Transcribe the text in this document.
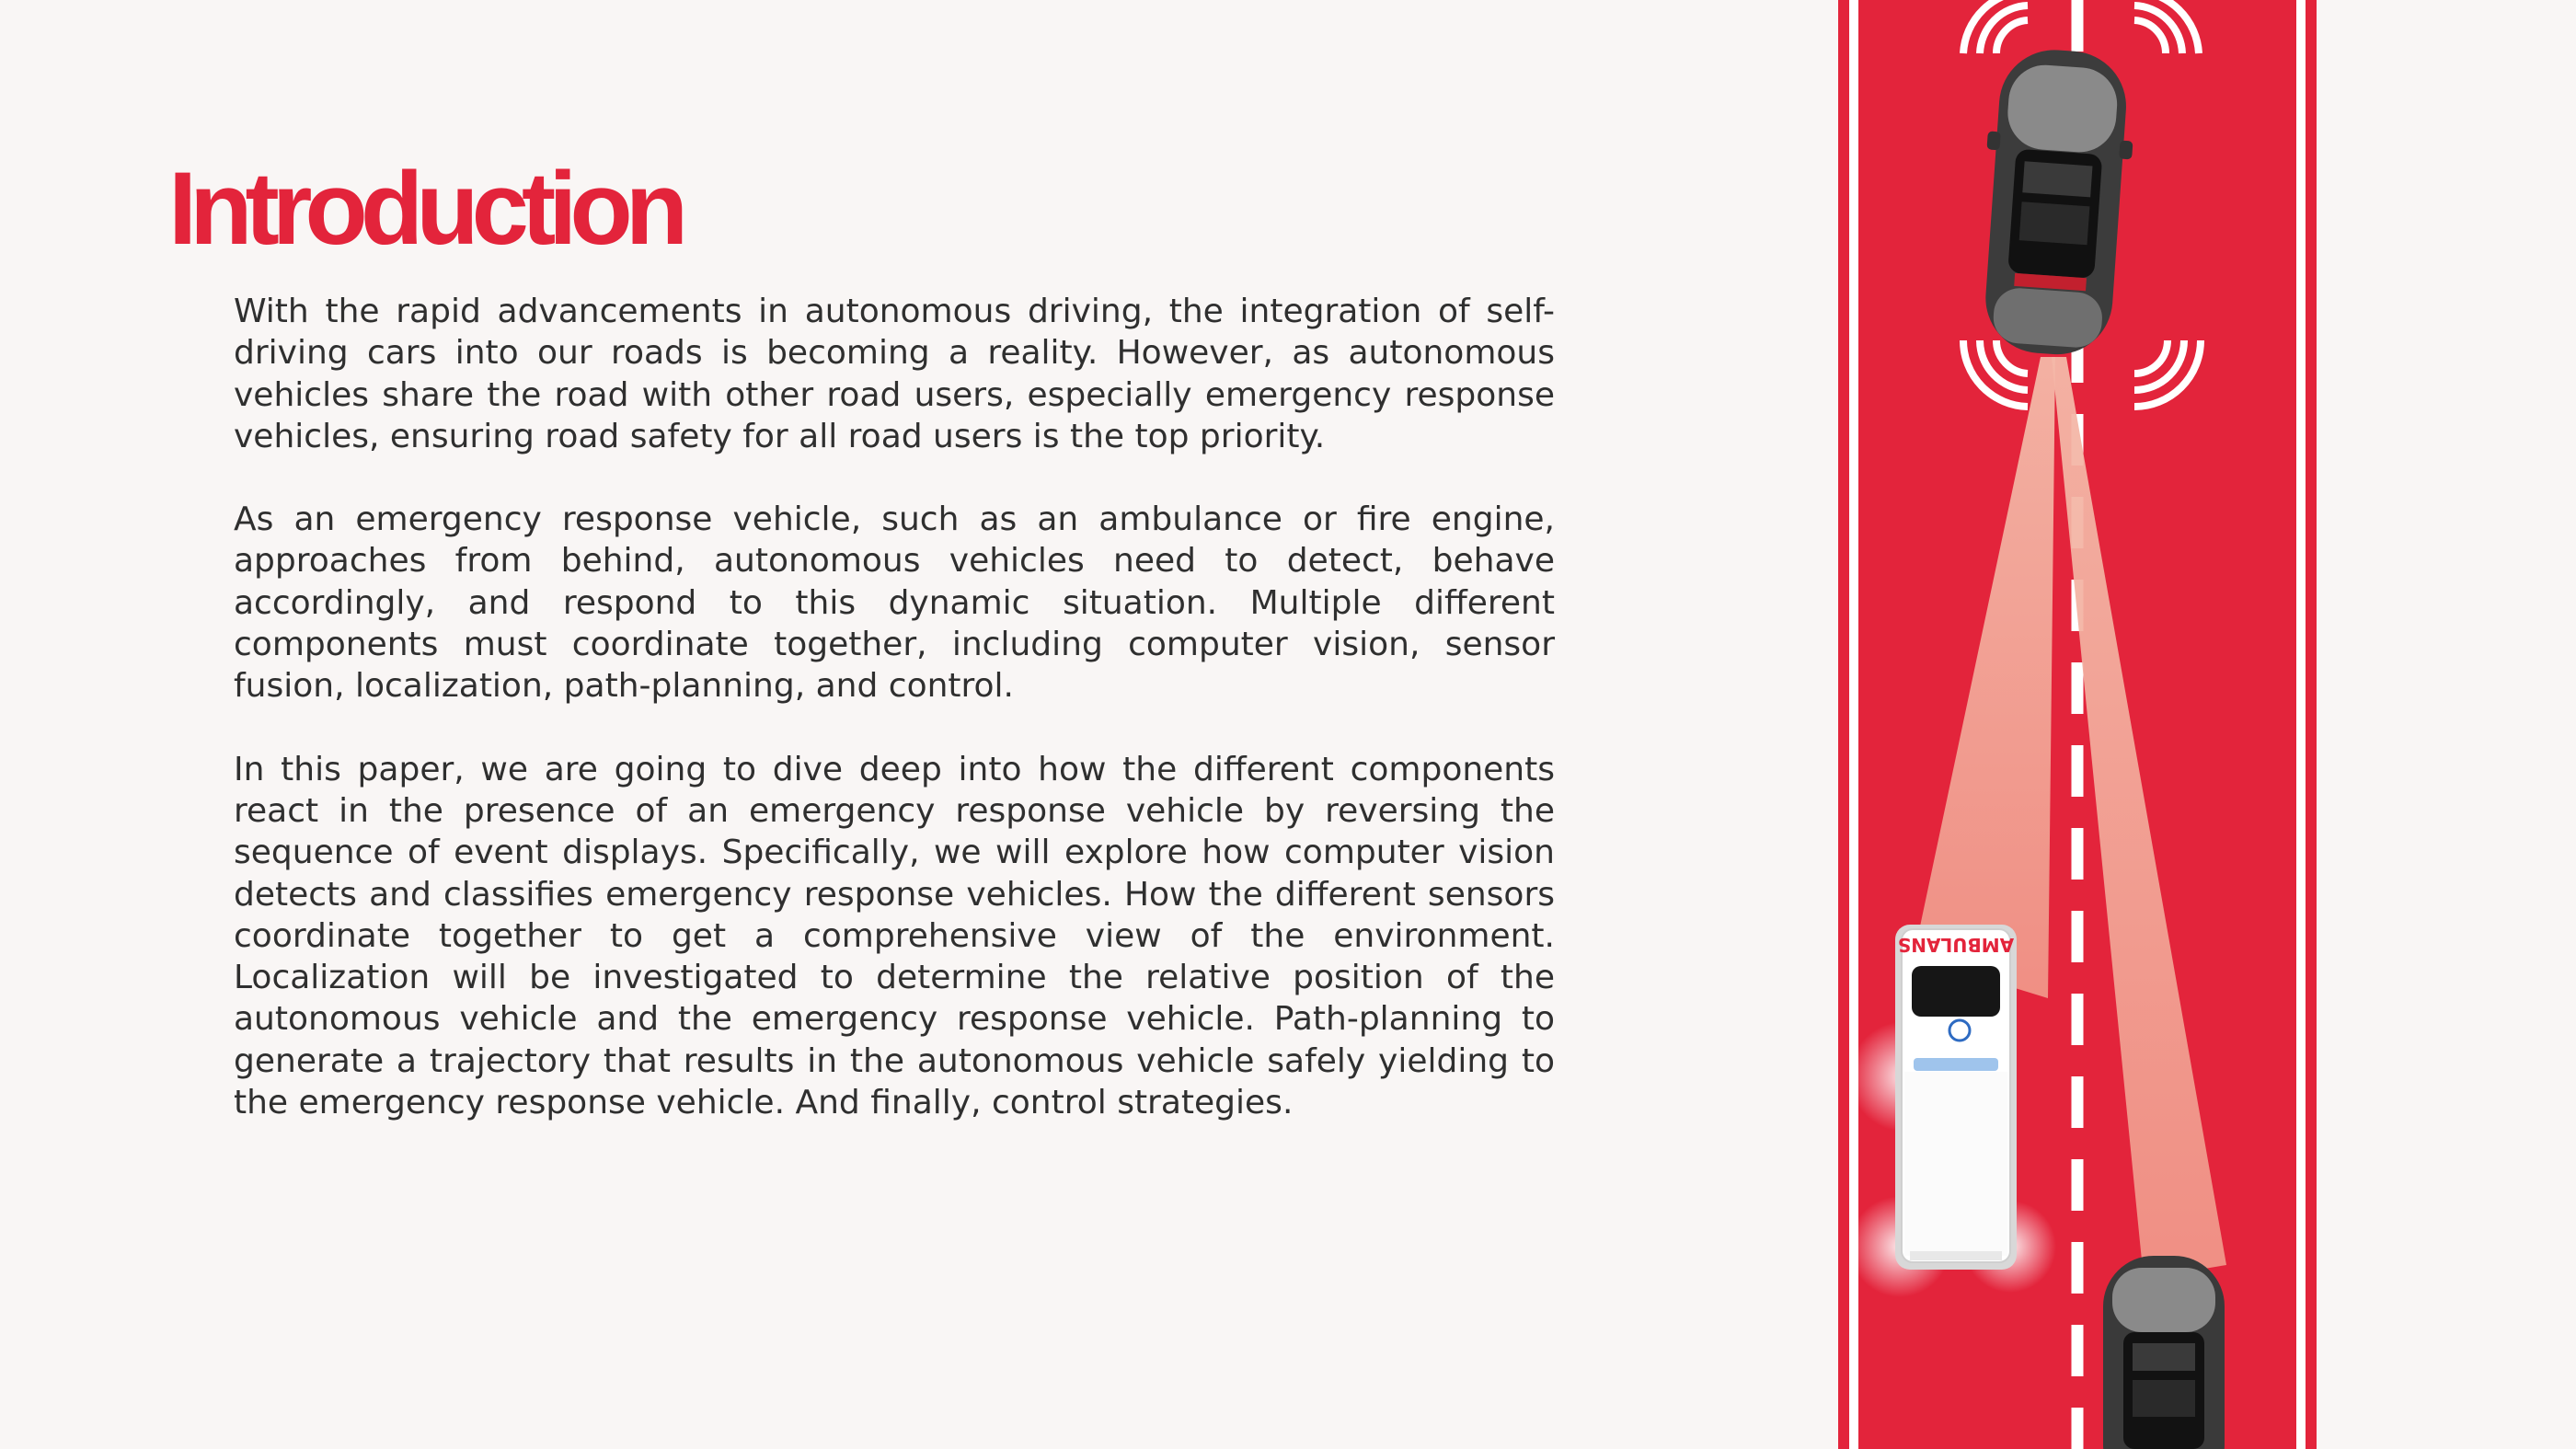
Introduction

With the rapid advancements in autonomous driving, the integration of self-driving cars into our roads is becoming a reality. However, as autonomous vehicles share the road with other road users, especially emergency response vehicles, ensuring road safety for all road users is the top priority.

As an emergency response vehicle, such as an ambulance or fire engine, approaches from behind, autonomous vehicles need to detect, behave accordingly, and respond to this dynamic situation. Multiple different components must coordinate together, including computer vision, sensor fusion, localization, path-planning, and control.

In this paper, we are going to dive deep into how the different components react in the presence of an emergency response vehicle by reversing the sequence of event displays. Specifically, we will explore how computer vision detects and classifies emergency response vehicles. How the different sensors coordinate together to get a comprehensive view of the environment. Localization will be investigated to determine the relative position of the autonomous vehicle and the emergency response vehicle. Path-planning to generate a trajectory that results in the autonomous vehicle safely yielding to the emergency response vehicle. And finally, control strategies.

AMBULANS
